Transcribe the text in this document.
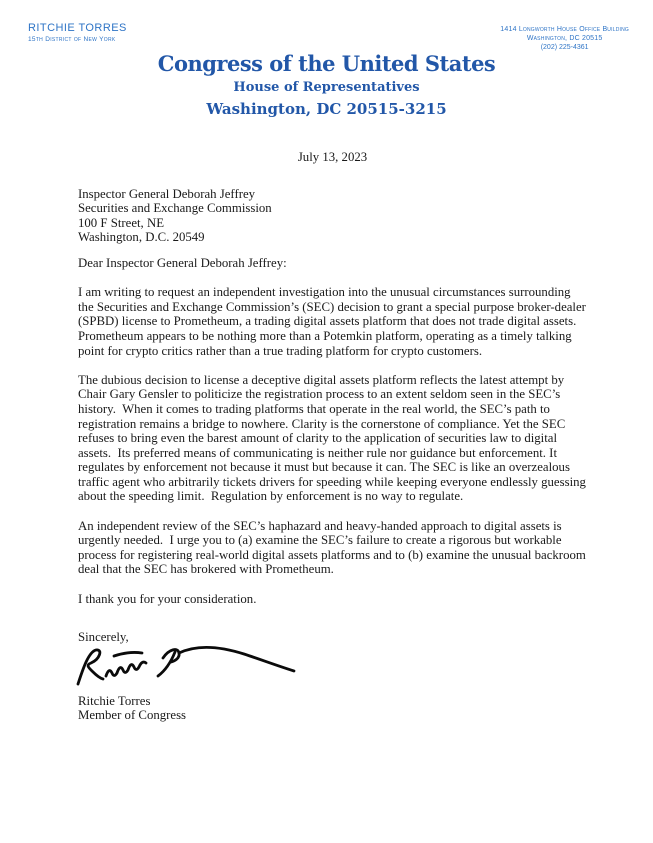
RITCHIE TORRES
15th District of New York
1414 Longworth House Office Building
Washington, DC 20515
(202) 225-4361
Congress of the United States
House of Representatives
Washington, DC 20515-3215
July 13, 2023
Inspector General Deborah Jeffrey
Securities and Exchange Commission
100 F Street, NE
Washington, D.C. 20549
Dear Inspector General Deborah Jeffrey:

I am writing to request an independent investigation into the unusual circumstances surrounding the Securities and Exchange Commission’s (SEC) decision to grant a special purpose broker-dealer (SPBD) license to Prometheum, a trading digital assets platform that does not trade digital assets.  Prometheum appears to be nothing more than a Potemkin platform, operating as a timely talking point for crypto critics rather than a true trading platform for crypto customers.

The dubious decision to license a deceptive digital assets platform reflects the latest attempt by Chair Gary Gensler to politicize the registration process to an extent seldom seen in the SEC’s history.  When it comes to trading platforms that operate in the real world, the SEC’s path to registration remains a bridge to nowhere. Clarity is the cornerstone of compliance. Yet the SEC refuses to bring even the barest amount of clarity to the application of securities law to digital assets.  Its preferred means of communicating is neither rule nor guidance but enforcement. It regulates by enforcement not because it must but because it can. The SEC is like an overzealous traffic agent who arbitrarily tickets drivers for speeding while keeping everyone endlessly guessing about the speeding limit.  Regulation by enforcement is no way to regulate.

An independent review of the SEC’s haphazard and heavy-handed approach to digital assets is urgently needed.  I urge you to (a) examine the SEC’s failure to create a rigorous but workable process for registering real-world digital assets platforms and to (b) examine the unusual backroom deal that the SEC has brokered with Prometheum.

I thank you for your consideration.

Sincerely,
Ritchie Torres
Member of Congress
